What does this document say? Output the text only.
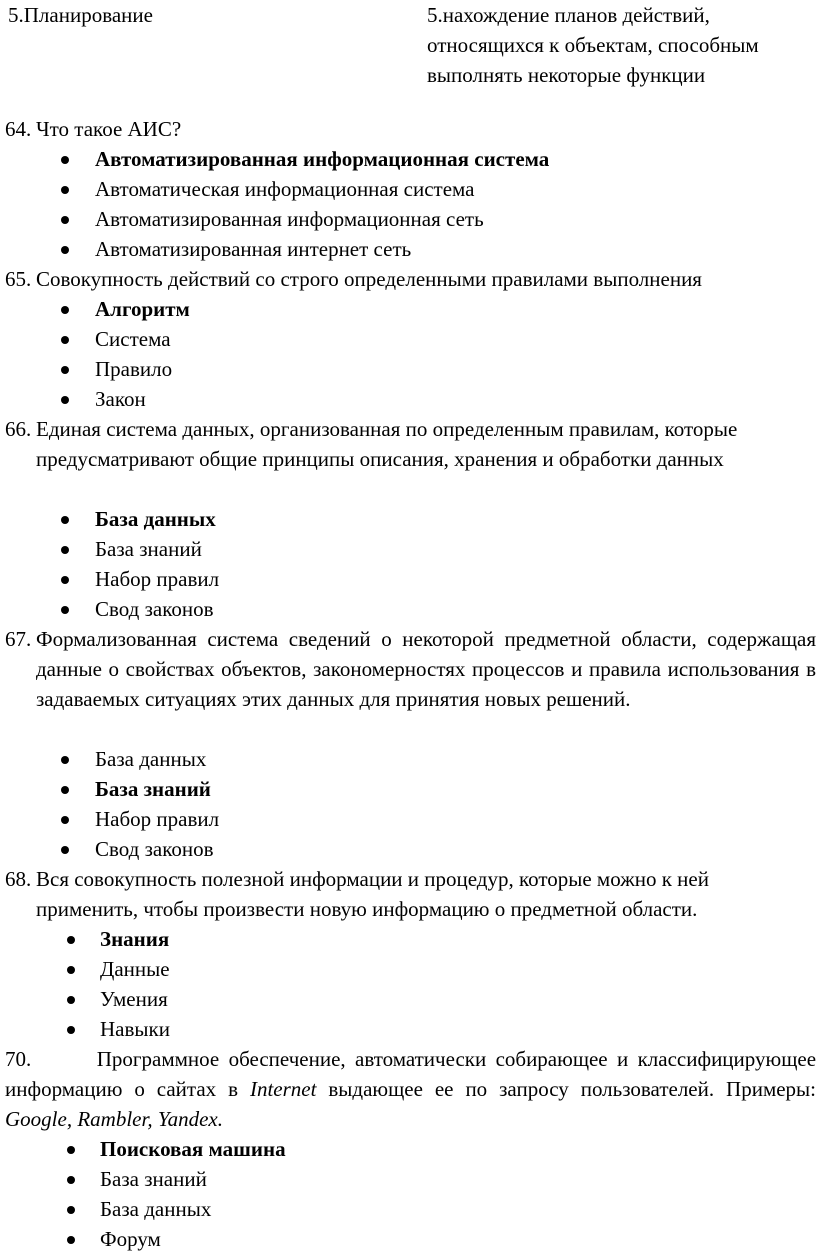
5.Планирование	5.нахождение планов действий,
относящихся к объектам, способным
выполнять некоторые функции
64. Что такое АИС?
Автоматизированная информационная система
Автоматическая информационная система
Автоматизированная информационная сеть
Автоматизированная интернет сеть
65. Совокупность действий со строго определенными правилами выполнения
Алгоритм
Система
Правило
Закон
66. Единая система данных, организованная по определенным правилам, которые предусматривают общие принципы описания, хранения и обработки данных
База данных
База знаний
Набор правил
Свод законов
67. Формализованная система сведений о некоторой предметной области, содержащая данные о свойствах объектов, закономерностях процессов и правила использования в задаваемых ситуациях этих данных для принятия новых решений.
База данных
База знаний
Набор правил
Свод законов
68. Вся совокупность полезной информации и процедур, которые можно к ней применить, чтобы произвести новую информацию о предметной области.
Знания
Данные
Умения
Навыки
70.	Программное обеспечение, автоматически собирающее и классифицирующее информацию о сайтах в Internet выдающее ее по запросу пользователей. Примеры: Google, Rambler, Yandex.
Поисковая машина
База знаний
База данных
Форум
